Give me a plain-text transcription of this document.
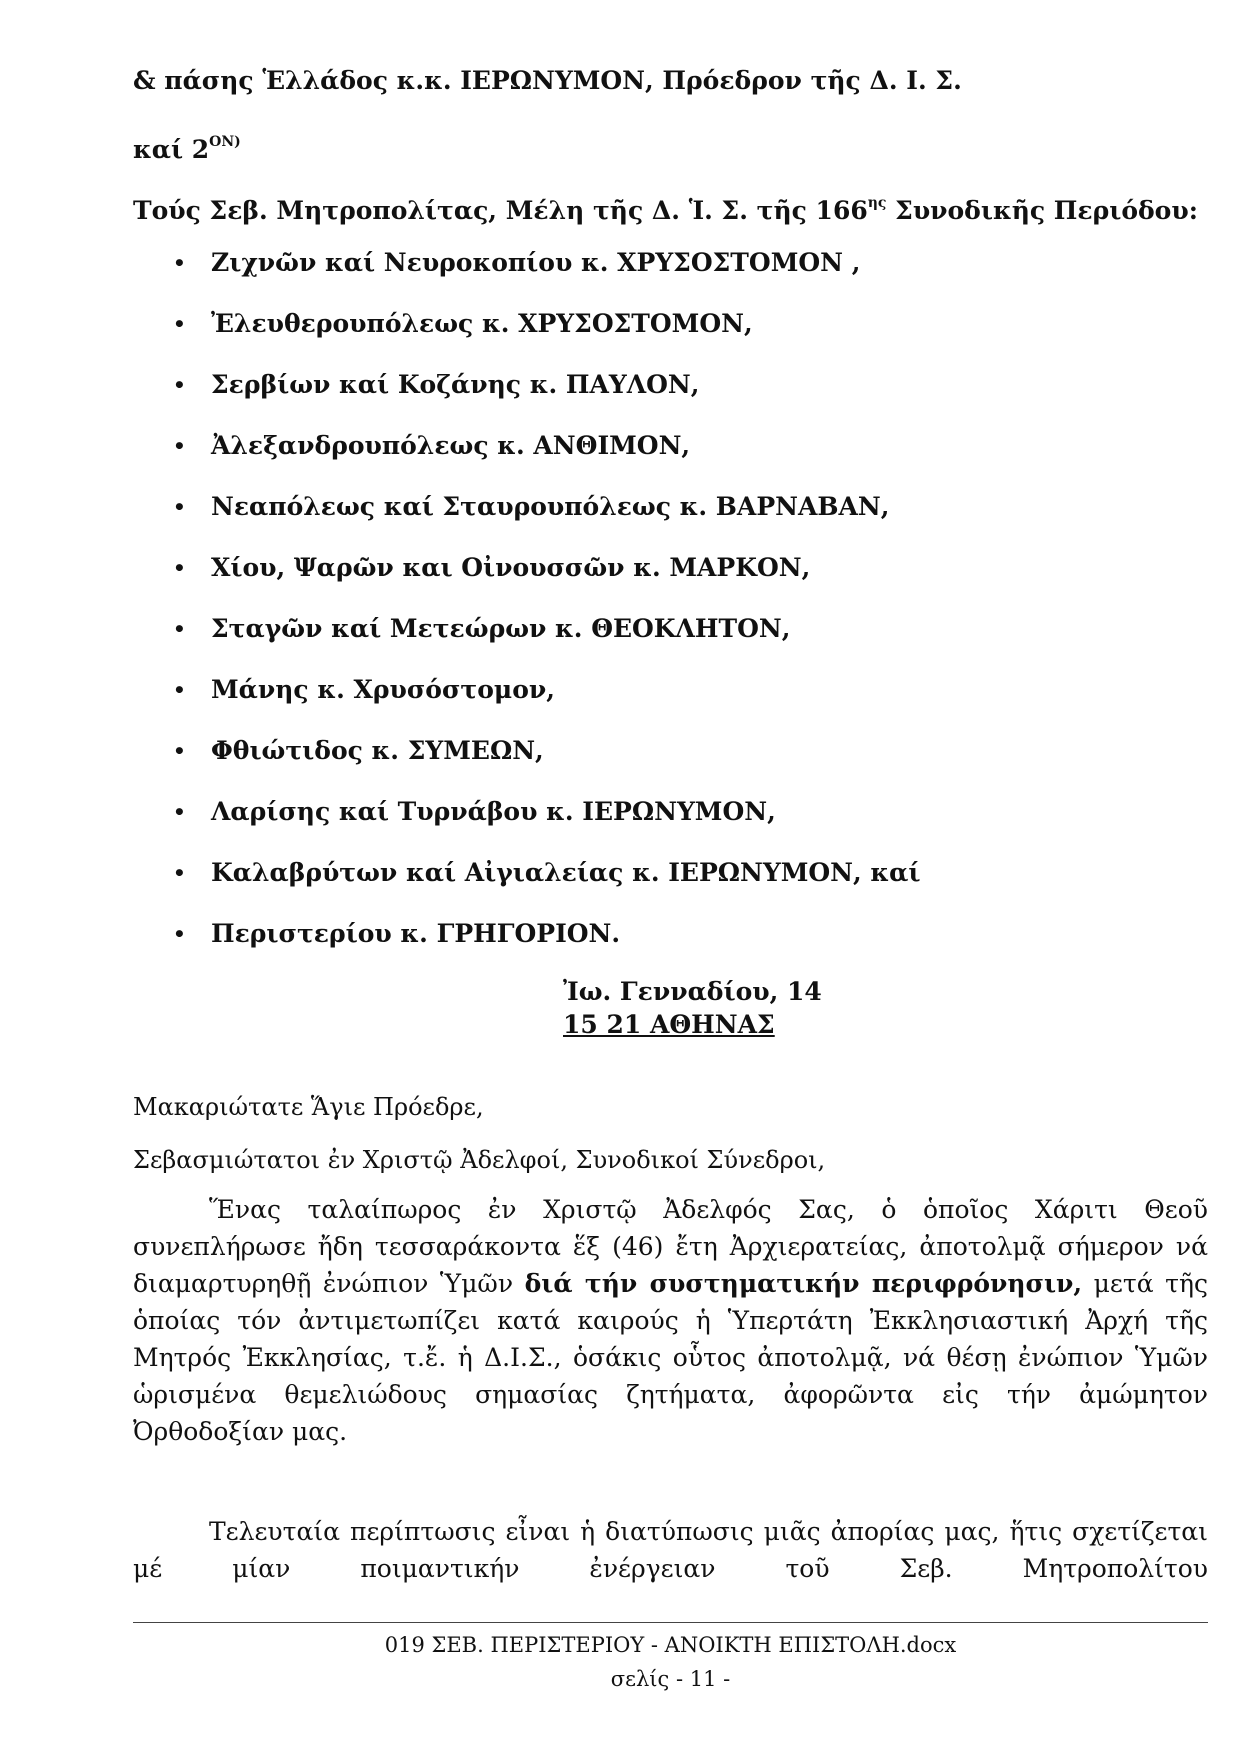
& πάσης Ἑλλάδος κ.κ. ΙΕΡΩΝΥΜΟΝ, Πρόεδρον τῆς Δ. Ι. Σ.
καί $2^{ON)}$
Τούς Σεβ. Μητροπολίτας, Μέλη τῆς Δ. Ἱ. Σ. τῆς $166^{\eta\varsigma}$ Συνοδικῆς Περιόδου:
• Ζιχνῶν καί Νευροκοπίου κ. ΧΡΥΣΟΣΤΟΜΟΝ ,
• Ἐλευθερουπόλεως κ. ΧΡΥΣΟΣΤΟΜΟΝ,
• Σερβίων καί Κοζάνης κ. ΠΑΥΛΟΝ,
• Ἀλεξανδρουπόλεως κ. ΑΝΘΙΜΟΝ,
• Νεαπόλεως καί Σταυρουπόλεως κ. ΒΑΡΝΑΒΑΝ,
• Χίου, Ψαρῶν και Οἰνουσσῶν κ. ΜΑΡΚΟΝ,
• Σταγῶν καί Μετεώρων κ. ΘΕΟΚΛΗΤΟΝ,
• Μάνης κ. Χρυσόστομον,
• Φθιώτιδος κ. ΣΥΜΕΩΝ,
• Λαρίσης καί Τυρνάβου κ. ΙΕΡΩΝΥΜΟΝ,
• Καλαβρύτων καί Αἰγιαλείας κ. ΙΕΡΩΝΥΜΟΝ, καί
• Περιστερίου κ. ΓΡΗΓΟΡΙΟΝ.
Ἰω. Γενναδίου, 14
15 21 ΑΘΗΝΑΣ
Μακαριώτατε Ἅγιε Πρόεδρε,
Σεβασμιώτατοι ἐν Χριστῷ Ἀδελφοί, Συνοδικοί Σύνεδροι,

Ἕνας ταλαίπωρος ἐν Χριστῷ Ἀδελφός Σας, ὁ ὁποῖος Χάριτι Θεοῦ συνεπλήρωσε ἤδη τεσσαράκοντα ἕξ (46) ἔτη Ἀρχιερατείας, ἀποτολμᾷ σήμερον νά διαμαρτυρηθῇ ἐνώπιον Ὑμῶν διά τήν συστηματικήν περιφρόνησιν, μετά τῆς ὁποίας τόν ἀντιμετωπίζει κατά καιρούς ἡ Ὑπερτάτη Ἐκκλησιαστική Ἀρχή τῆς Μητρός Ἐκκλησίας, τ.ἔ. ἡ Δ.Ι.Σ., ὁσάκις οὗτος ἀποτολμᾷ, νά θέσῃ ἐνώπιον Ὑμῶν ὡρισμένα θεμελιώδους σημασίας ζητήματα, ἀφορῶντα εἰς τήν ἀμώμητον Ὀρθοδοξίαν μας.

Τελευταία περίπτωσις εἶναι ἡ διατύπωσις μιᾶς ἀπορίας μας, ἥτις σχετίζεται μέ μίαν ποιμαντικήν ἐνέργειαν τοῦ Σεβ. Μητροπολίτου

019 ΣΕΒ. ΠΕΡΙΣΤΕΡΙΟΥ - ΑΝΟΙΚΤΗ ΕΠΙΣΤΟΛΗ.docx
σελίς - 11 -
